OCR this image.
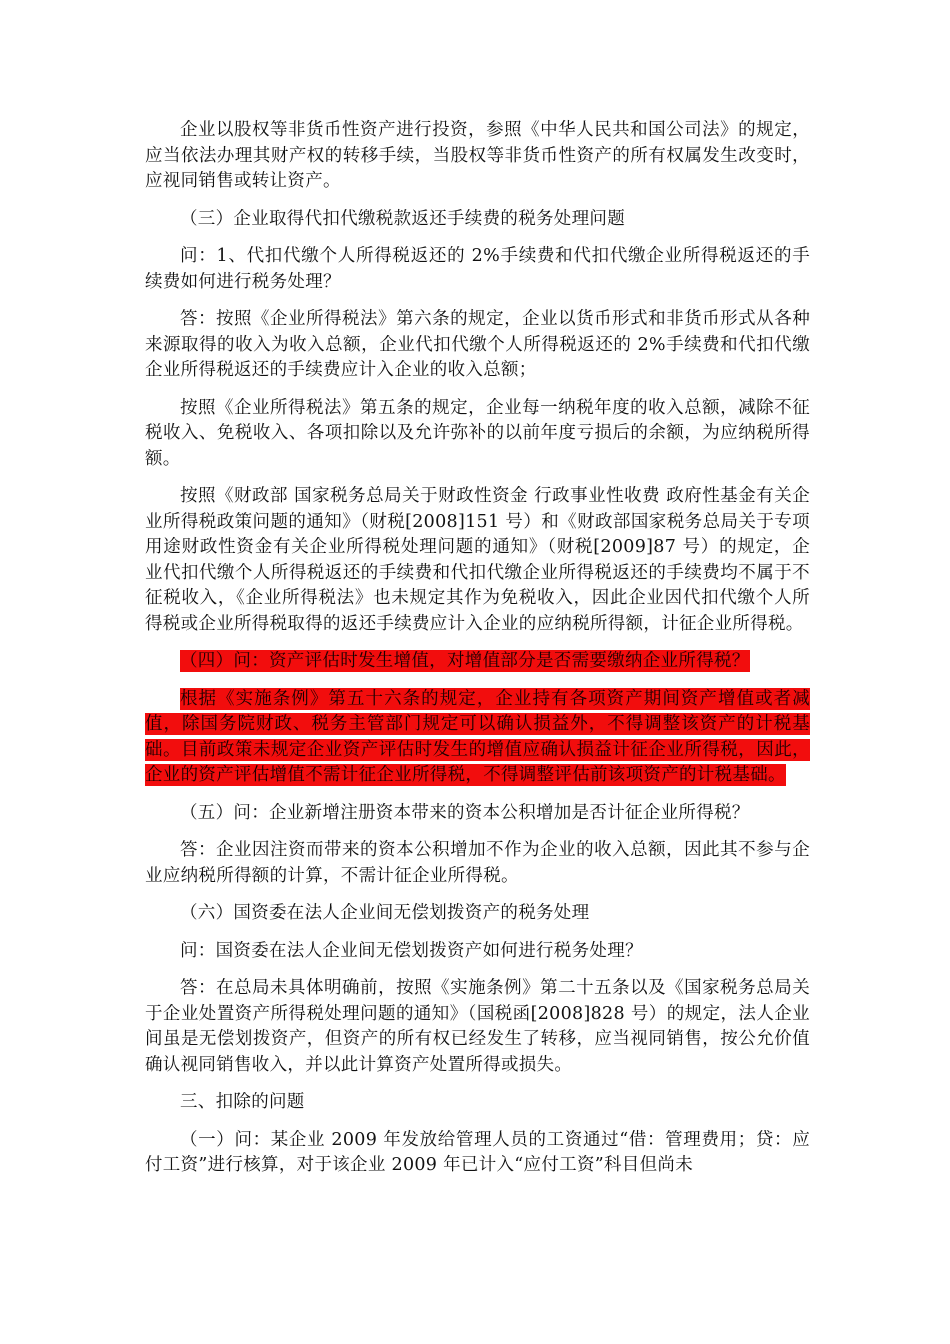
企业以股权等非货币性资产进行投资，参照《中华人民共和国公司法》的规定，应当依法办理其财产权的转移手续，当股权等非货币性资产的所有权属发生改变时，应视同销售或转让资产。

（三）企业取得代扣代缴税款返还手续费的税务处理问题

问：1、代扣代缴个人所得税返还的 2%手续费和代扣代缴企业所得税返还的手续费如何进行税务处理？

答：按照《企业所得税法》第六条的规定，企业以货币形式和非货币形式从各种来源取得的收入为收入总额，企业代扣代缴个人所得税返还的 2%手续费和代扣代缴企业所得税返还的手续费应计入企业的收入总额；

按照《企业所得税法》第五条的规定，企业每一纳税年度的收入总额，减除不征税收入、免税收入、各项扣除以及允许弥补的以前年度亏损后的余额，为应纳税所得额。

按照《财政部 国家税务总局关于财政性资金 行政事业性收费 政府性基金有关企业所得税政策问题的通知》（财税[2008]151 号）和《财政部国家税务总局关于专项用途财政性资金有关企业所得税处理问题的通知》（财税[2009]87 号）的规定，企业代扣代缴个人所得税返还的手续费和代扣代缴企业所得税返还的手续费均不属于不征税收入，《企业所得税法》也未规定其作为免税收入，因此企业因代扣代缴个人所得税或企业所得税取得的返还手续费应计入企业的应纳税所得额，计征企业所得税。

（四）问：资产评估时发生增值，对增值部分是否需要缴纳企业所得税？

根据《实施条例》第五十六条的规定，企业持有各项资产期间资产增值或者减值，除国务院财政、税务主管部门规定可以确认损益外，不得调整该资产的计税基础。目前政策未规定企业资产评估时发生的增值应确认损益计征企业所得税，因此，企业的资产评估增值不需计征企业所得税，不得调整评估前该项资产的计税基础。

（五）问：企业新增注册资本带来的资本公积增加是否计征企业所得税？

答：企业因注资而带来的资本公积增加不作为企业的收入总额，因此其不参与企业应纳税所得额的计算，不需计征企业所得税。

（六）国资委在法人企业间无偿划拨资产的税务处理

问：国资委在法人企业间无偿划拨资产如何进行税务处理？

答：在总局未具体明确前，按照《实施条例》第二十五条以及《国家税务总局关于企业处置资产所得税处理问题的通知》（国税函[2008]828 号）的规定，法人企业间虽是无偿划拨资产，但资产的所有权已经发生了转移，应当视同销售，按公允价值确认视同销售收入，并以此计算资产处置所得或损失。

三、扣除的问题

（一）问：某企业 2009 年发放给管理人员的工资通过“借：管理费用；贷：应付工资”进行核算，对于该企业 2009 年已计入“应付工资”科目但尚未
